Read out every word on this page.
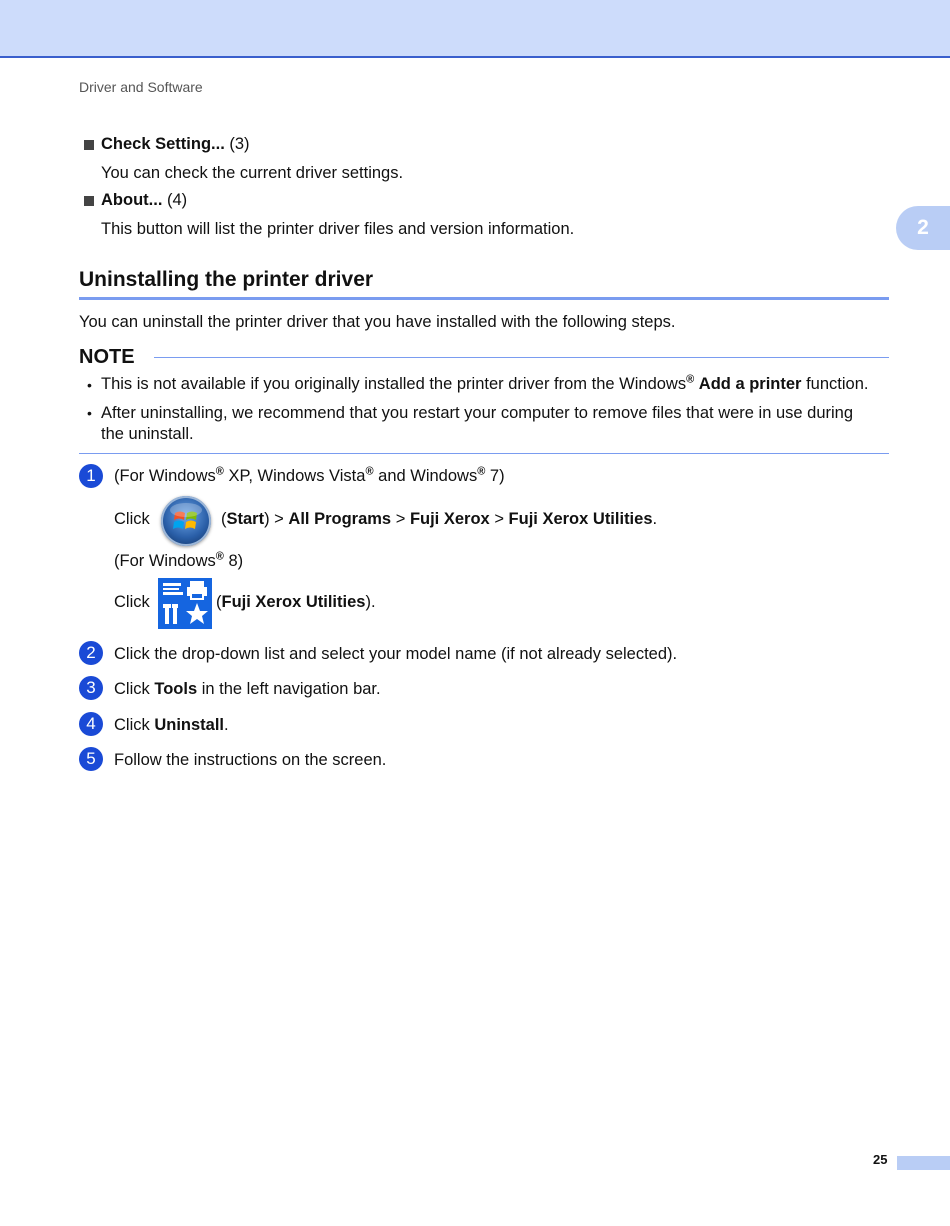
Driver and Software
2
Check Setting...
(3)
You can check the current driver settings.
About...
(4)
This button will list the printer driver files and version information.
Uninstalling the printer driver
You can uninstall the printer driver that you have installed with the following steps.
NOTE
• This is not available if you originally installed the printer driver from the Windows® Add a printer function.
• After uninstalling, we recommend that you restart your computer to remove files that were in use during
the uninstall.
1	(For Windows® XP, Windows Vista® and Windows® 7)
Click	(Start) > All Programs > Fuji Xerox > Fuji Xerox Utilities.
(For Windows® 8)
Click	(Fuji Xerox Utilities).
2	Click the drop-down list and select your model name (if not already selected).
3	Click Tools in the left navigation bar.
4	Click Uninstall.
5	Follow the instructions on the screen.
25
